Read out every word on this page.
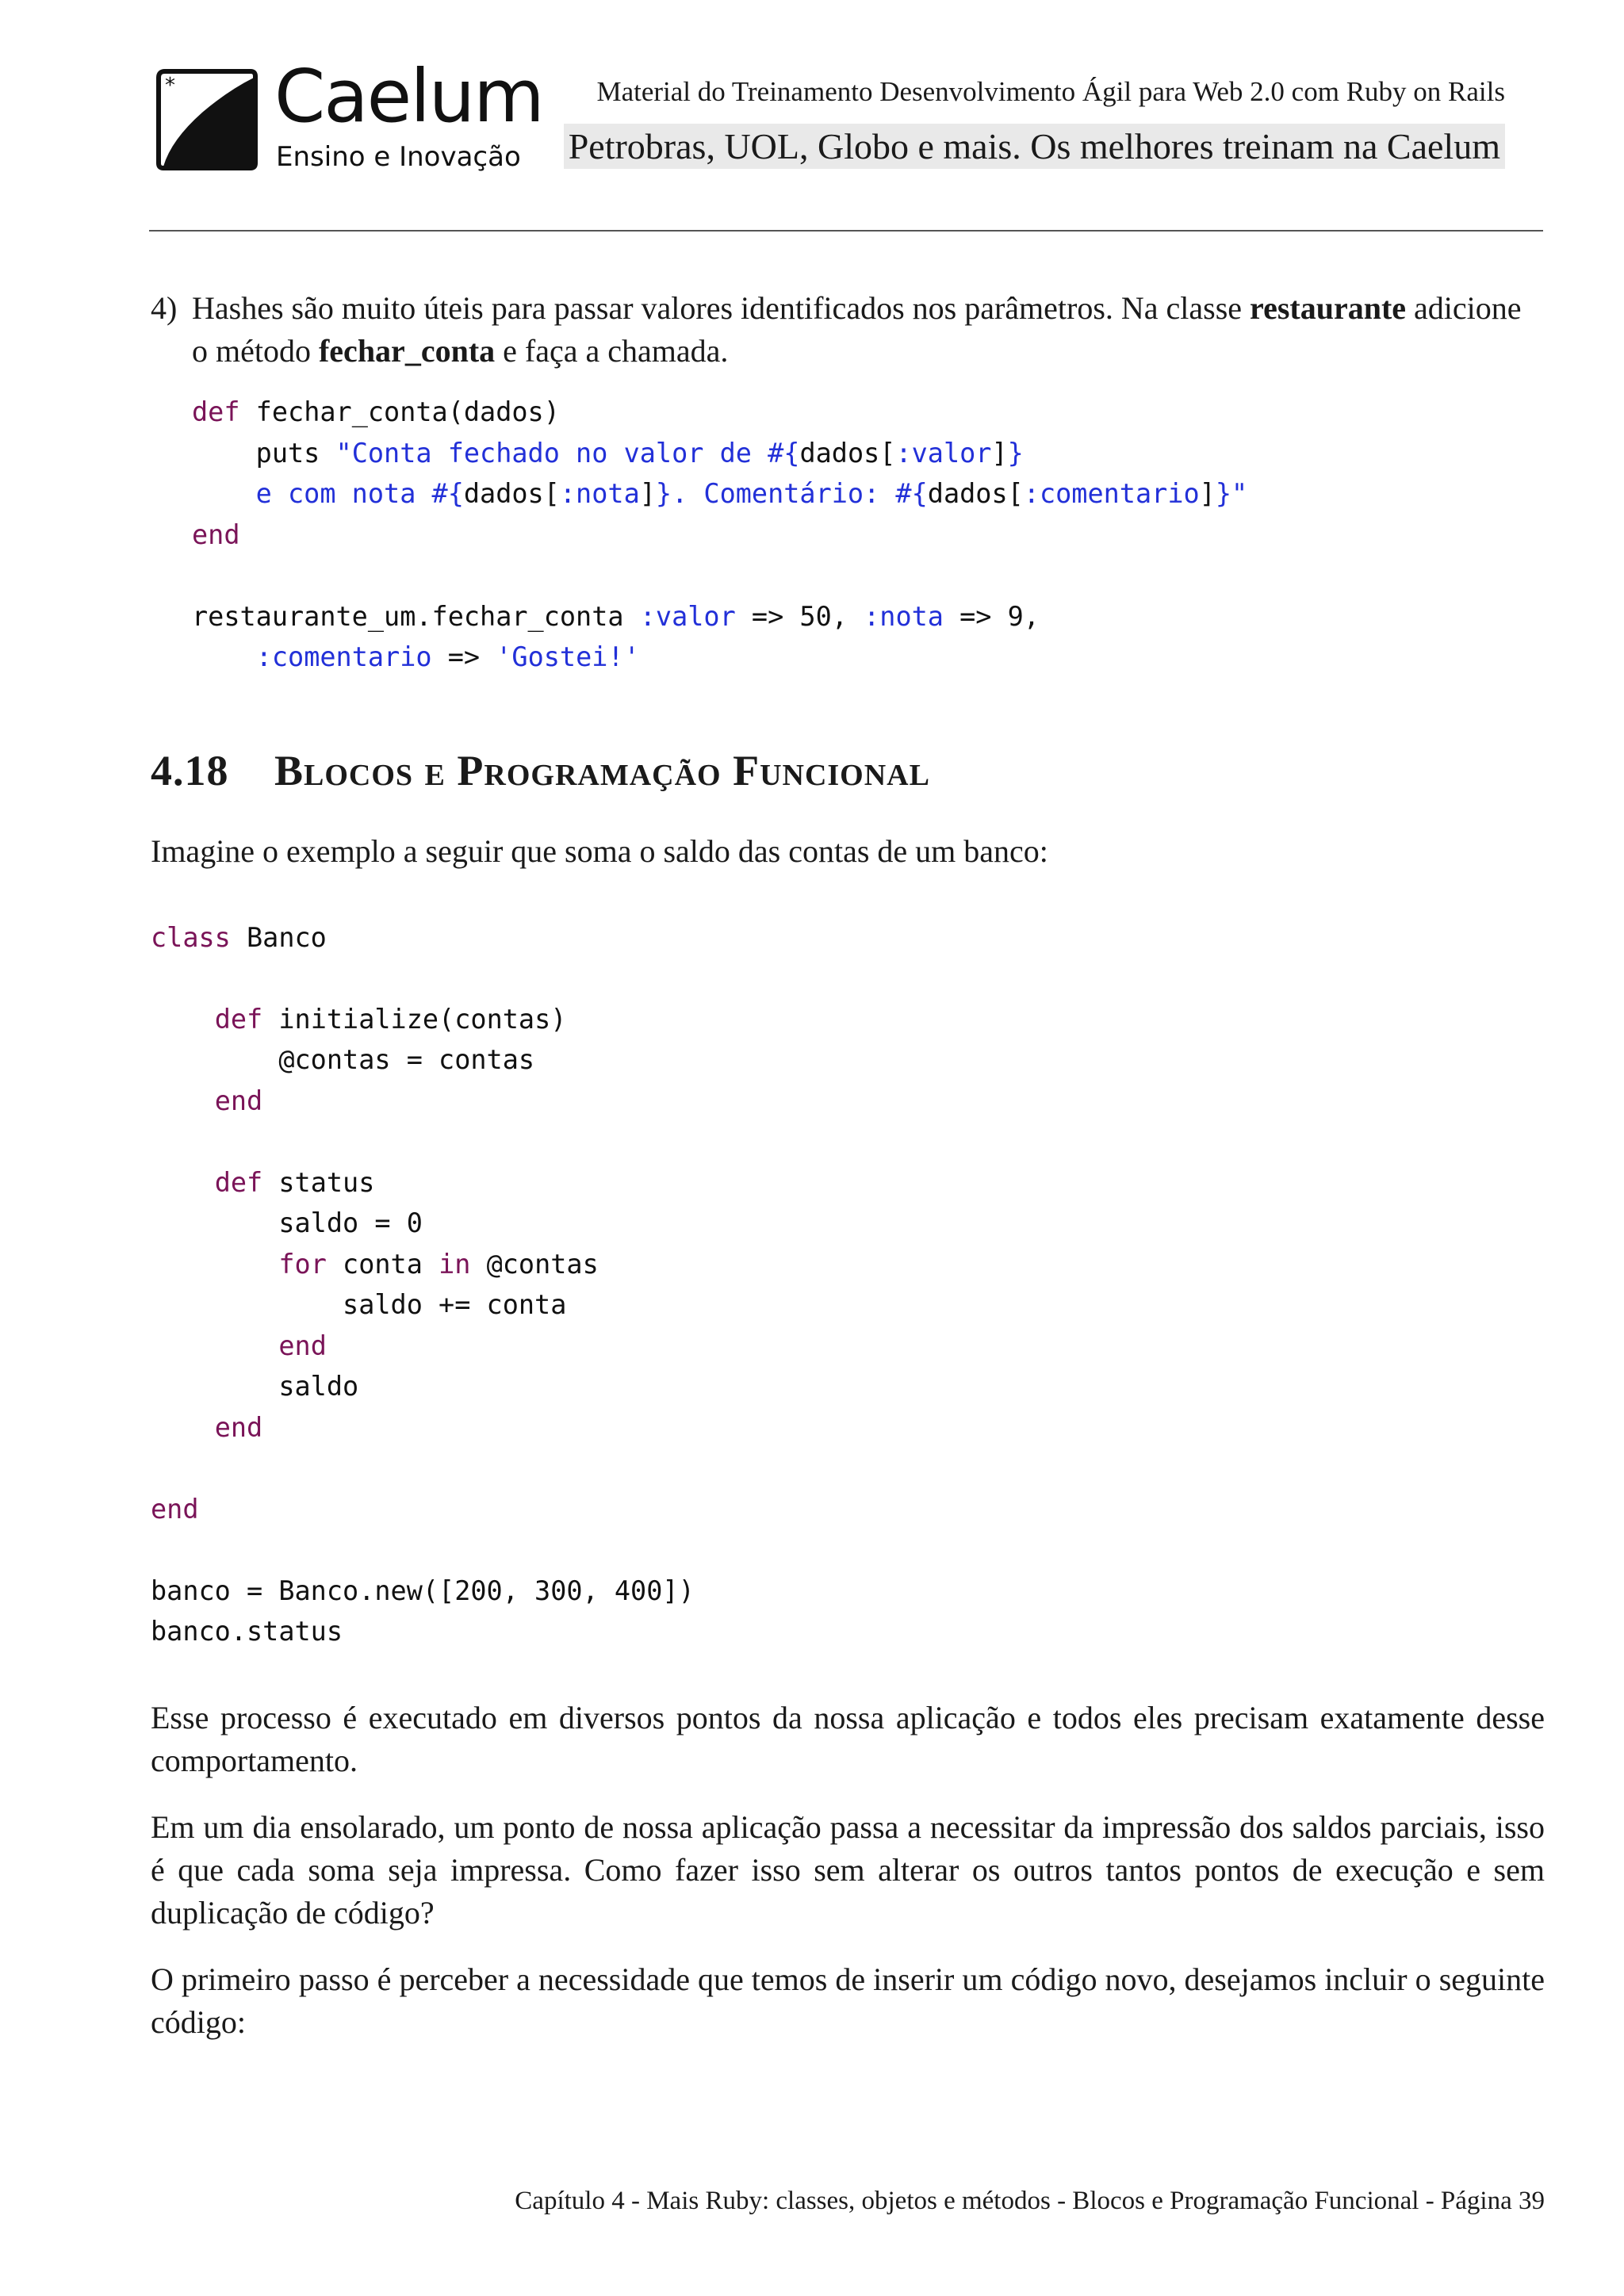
* Caelum
Ensino e Inovação
Material do Treinamento Desenvolvimento Ágil para Web 2.0 com Ruby on Rails
Petrobras, UOL, Globo e mais. Os melhores treinam na Caelum
4) Hashes são muito úteis para passar valores identificados nos parâmetros. Na classe restaurante adicione o método fechar_conta e faça a chamada.
def fechar_conta(dados)
puts "Conta fechado no valor de #{dados[:valor]}
e com nota #{dados[:nota]}. Comentário: #{dados[:comentario]}"
end
restaurante_um.fechar_conta :valor => 50, :nota => 9,
:comentario => 'Gostei!'
4.18	Blocos e Programação Funcional

Imagine o exemplo a seguir que soma o saldo das contas de um banco:

class Banco
def initialize(contas)
@contas = contas
end
def status
saldo = 0
for conta in @contas
saldo += conta
end
saldo
end
end
banco = Banco.new([200, 300, 400])
banco.status

Esse processo é executado em diversos pontos da nossa aplicação e todos eles precisam exatamente desse comportamento.

Em um dia ensolarado, um ponto de nossa aplicação passa a necessitar da impressão dos saldos parciais, isso é que cada soma seja impressa. Como fazer isso sem alterar os outros tantos pontos de execução e sem duplicação de código?

O primeiro passo é perceber a necessidade que temos de inserir um código novo, desejamos incluir o seguinte código:

Capítulo 4 - Mais Ruby: classes, objetos e métodos - Blocos e Programação Funcional - Página 39
